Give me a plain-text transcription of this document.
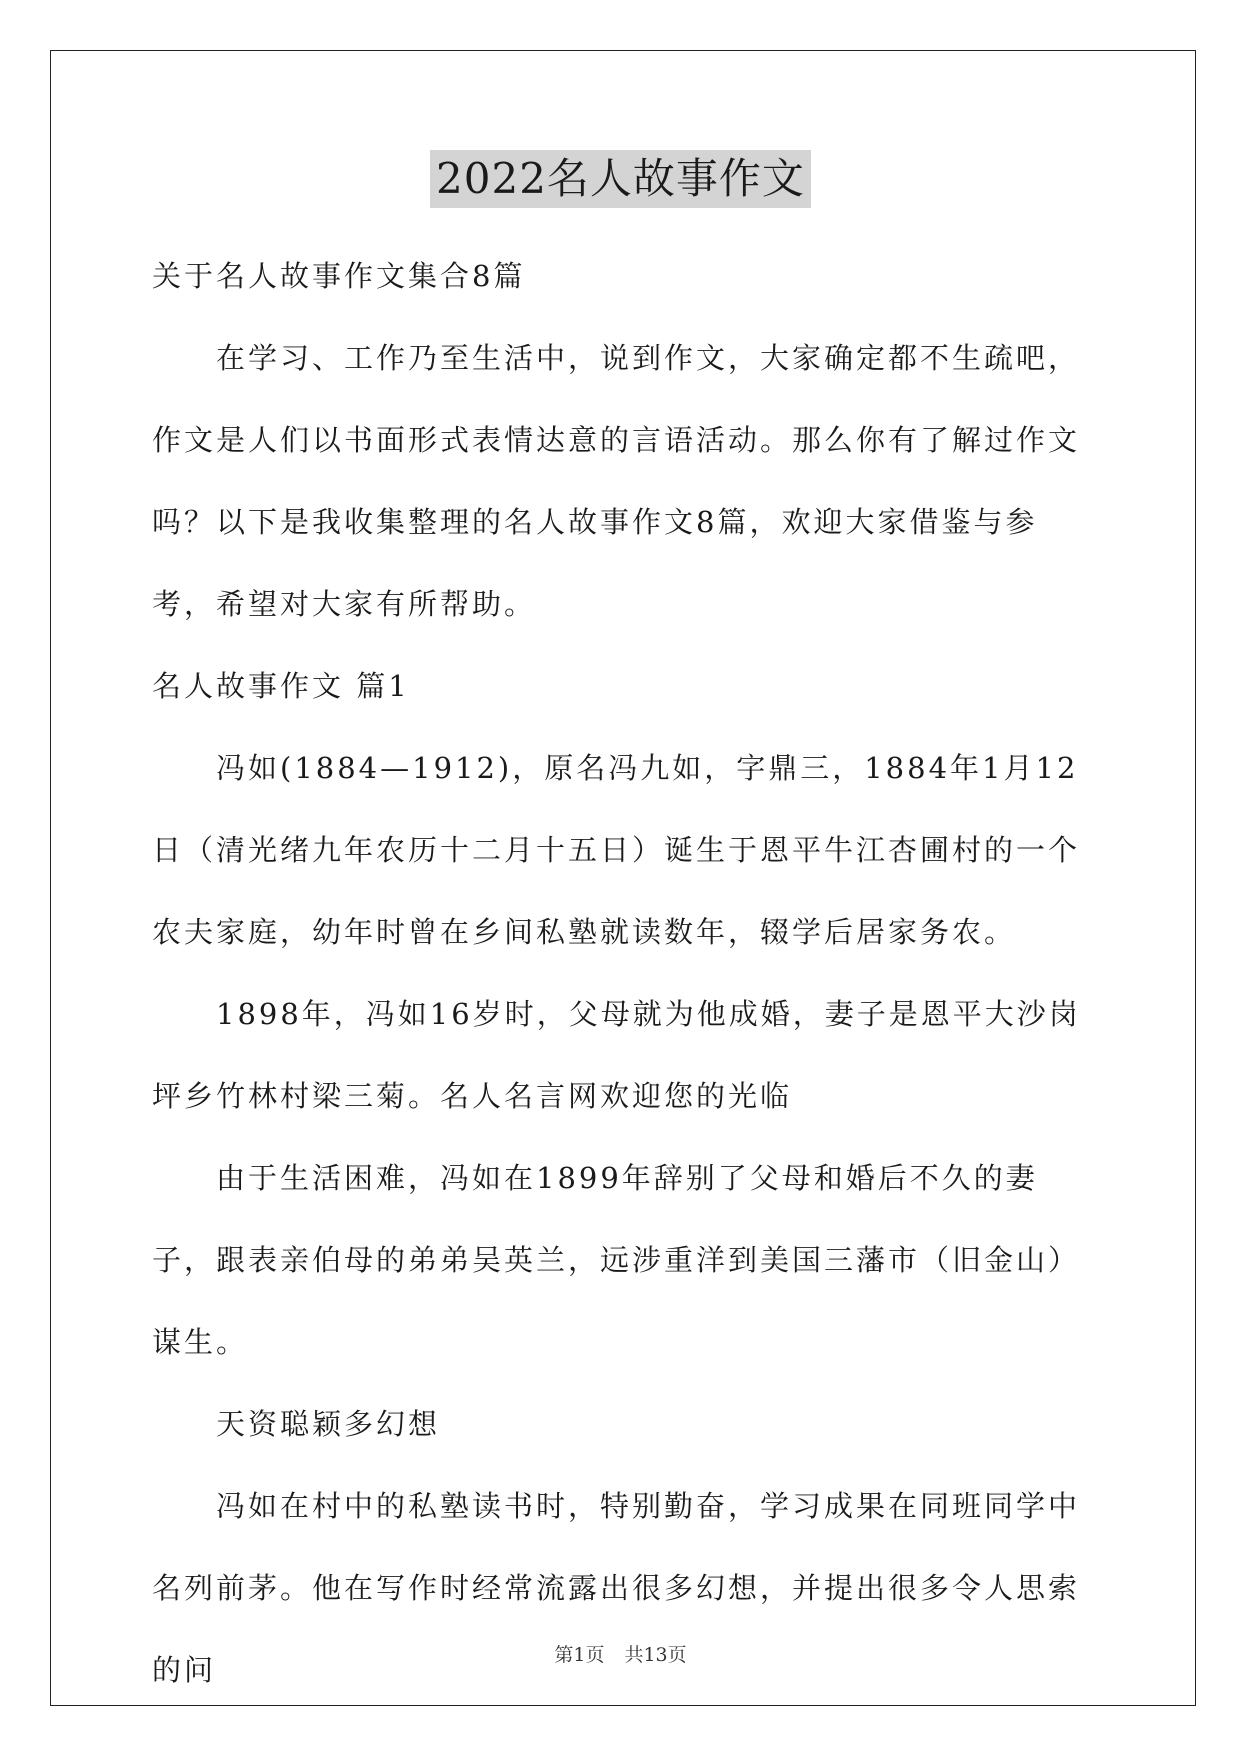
2022名人故事作文

关于名人故事作文集合8篇

在学习、工作乃至生活中，说到作文，大家确定都不生疏吧，作文是人们以书面形式表情达意的言语活动。那么你有了解过作文吗？以下是我收集整理的名人故事作文8篇，欢迎大家借鉴与参考，希望对大家有所帮助。

名人故事作文 篇1

冯如(1884—1912)，原名冯九如，字鼎三，1884年1月12日（清光绪九年农历十二月十五日）诞生于恩平牛江杏圃村的一个农夫家庭，幼年时曾在乡间私塾就读数年，辍学后居家务农。

1898年，冯如16岁时，父母就为他成婚，妻子是恩平大沙岗坪乡竹林村梁三菊。名人名言网欢迎您的光临

由于生活困难，冯如在1899年辞别了父母和婚后不久的妻子，跟表亲伯母的弟弟吴英兰，远涉重洋到美国三藩市（旧金山）谋生。

天资聪颖多幻想

冯如在村中的私塾读书时，特别勤奋，学习成果在同班同学中名列前茅。他在写作时经常流露出很多幻想，并提出很多令人思索的问	第1页 共13页
